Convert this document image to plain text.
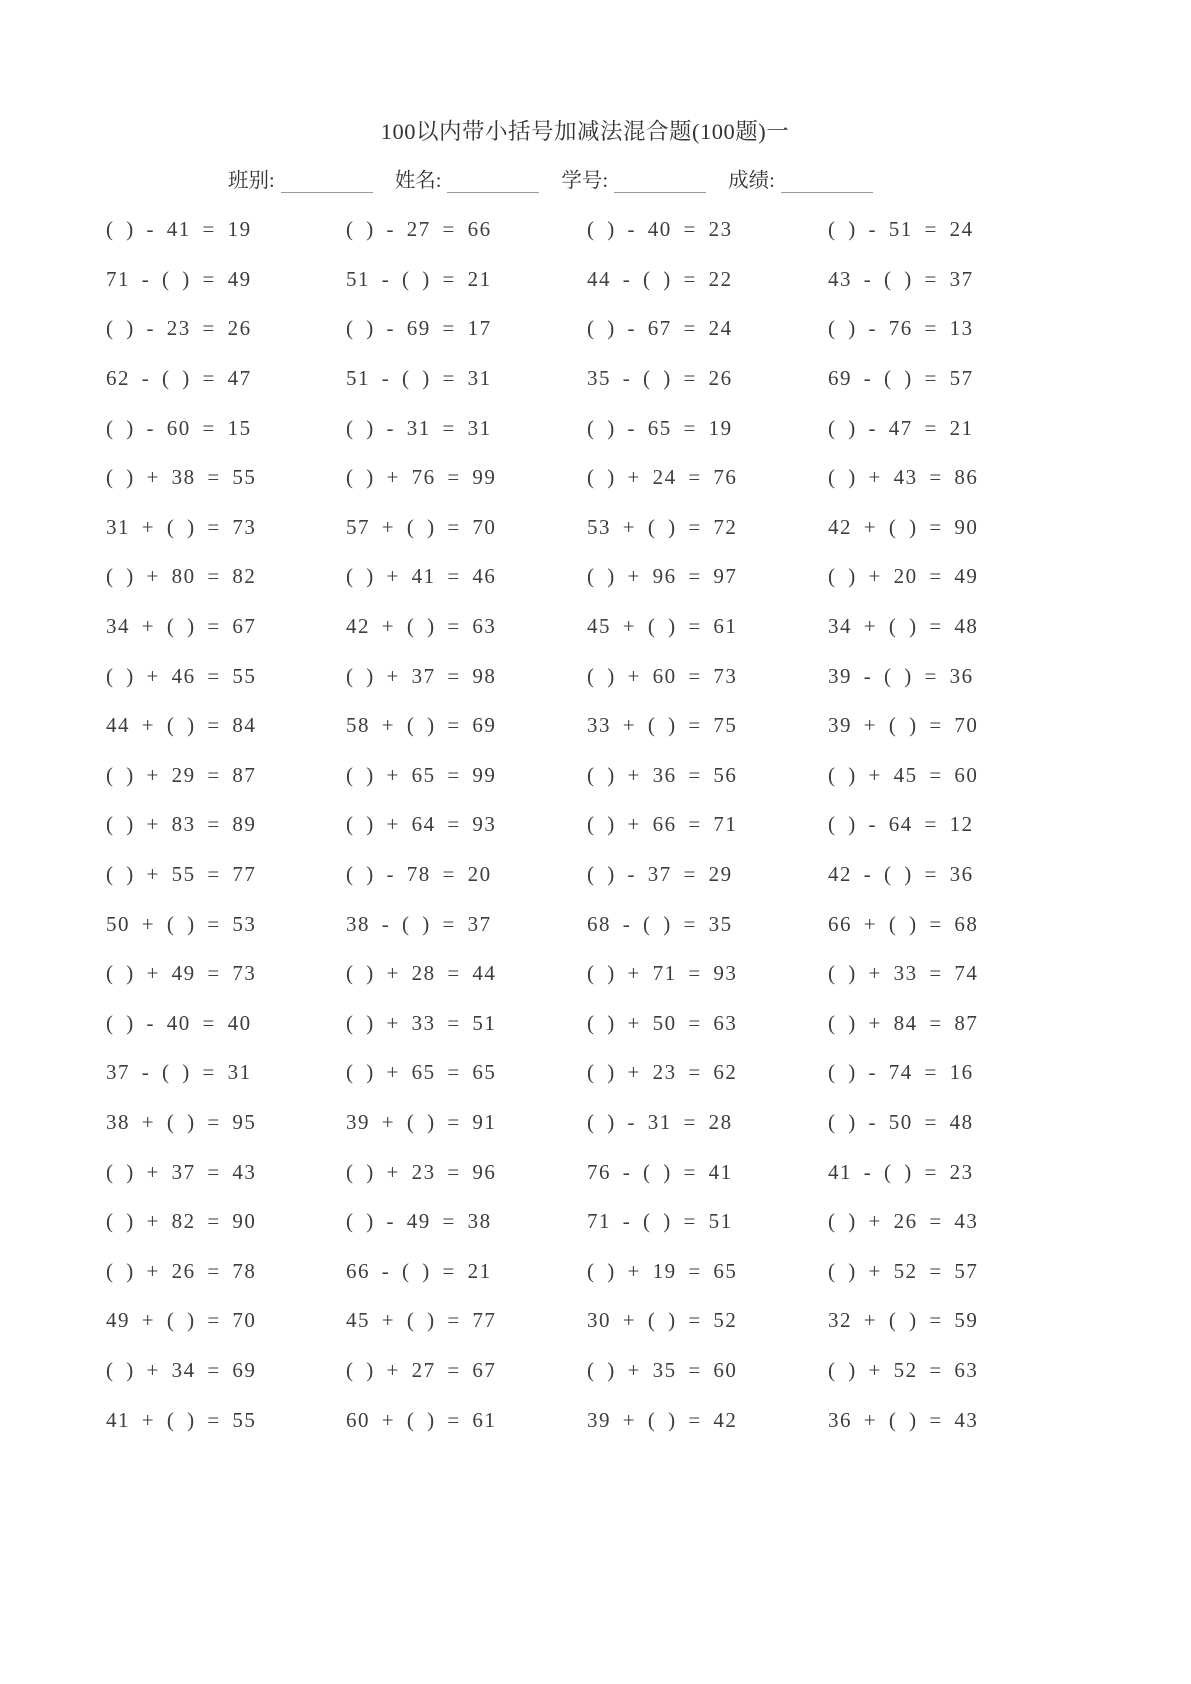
100以内带小括号加减法混合题(100题)一
班别:	姓名:	学号:	成绩:
( ) - 41 = 19	( ) - 27 = 66	( ) - 40 = 23	( ) - 51 = 24
71 - ( ) = 49	51 - ( ) = 21	44 - ( ) = 22	43 - ( ) = 37
( ) - 23 = 26	( ) - 69 = 17	( ) - 67 = 24	( ) - 76 = 13
62 - ( ) = 47	51 - ( ) = 31	35 - ( ) = 26	69 - ( ) = 57
( ) - 60 = 15	( ) - 31 = 31	( ) - 65 = 19	( ) - 47 = 21
( ) + 38 = 55	( ) + 76 = 99	( ) + 24 = 76	( ) + 43 = 86
31 + ( ) = 73	57 + ( ) = 70	53 + ( ) = 72	42 + ( ) = 90
( ) + 80 = 82	( ) + 41 = 46	( ) + 96 = 97	( ) + 20 = 49
34 + ( ) = 67	42 + ( ) = 63	45 + ( ) = 61	34 + ( ) = 48
( ) + 46 = 55	( ) + 37 = 98	( ) + 60 = 73	39 - ( ) = 36
44 + ( ) = 84	58 + ( ) = 69	33 + ( ) = 75	39 + ( ) = 70
( ) + 29 = 87	( ) + 65 = 99	( ) + 36 = 56	( ) + 45 = 60
( ) + 83 = 89	( ) + 64 = 93	( ) + 66 = 71	( ) - 64 = 12
( ) + 55 = 77	( ) - 78 = 20	( ) - 37 = 29	42 - ( ) = 36
50 + ( ) = 53	38 - ( ) = 37	68 - ( ) = 35	66 + ( ) = 68
( ) + 49 = 73	( ) + 28 = 44	( ) + 71 = 93	( ) + 33 = 74
( ) - 40 = 40	( ) + 33 = 51	( ) + 50 = 63	( ) + 84 = 87
37 - ( ) = 31	( ) + 65 = 65	( ) + 23 = 62	( ) - 74 = 16
38 + ( ) = 95	39 + ( ) = 91	( ) - 31 = 28	( ) - 50 = 48
( ) + 37 = 43	( ) + 23 = 96	76 - ( ) = 41	41 - ( ) = 23
( ) + 82 = 90	( ) - 49 = 38	71 - ( ) = 51	( ) + 26 = 43
( ) + 26 = 78	66 - ( ) = 21	( ) + 19 = 65	( ) + 52 = 57
49 + ( ) = 70	45 + ( ) = 77	30 + ( ) = 52	32 + ( ) = 59
( ) + 34 = 69	( ) + 27 = 67	( ) + 35 = 60	( ) + 52 = 63
41 + ( ) = 55	60 + ( ) = 61	39 + ( ) = 42	36 + ( ) = 43
